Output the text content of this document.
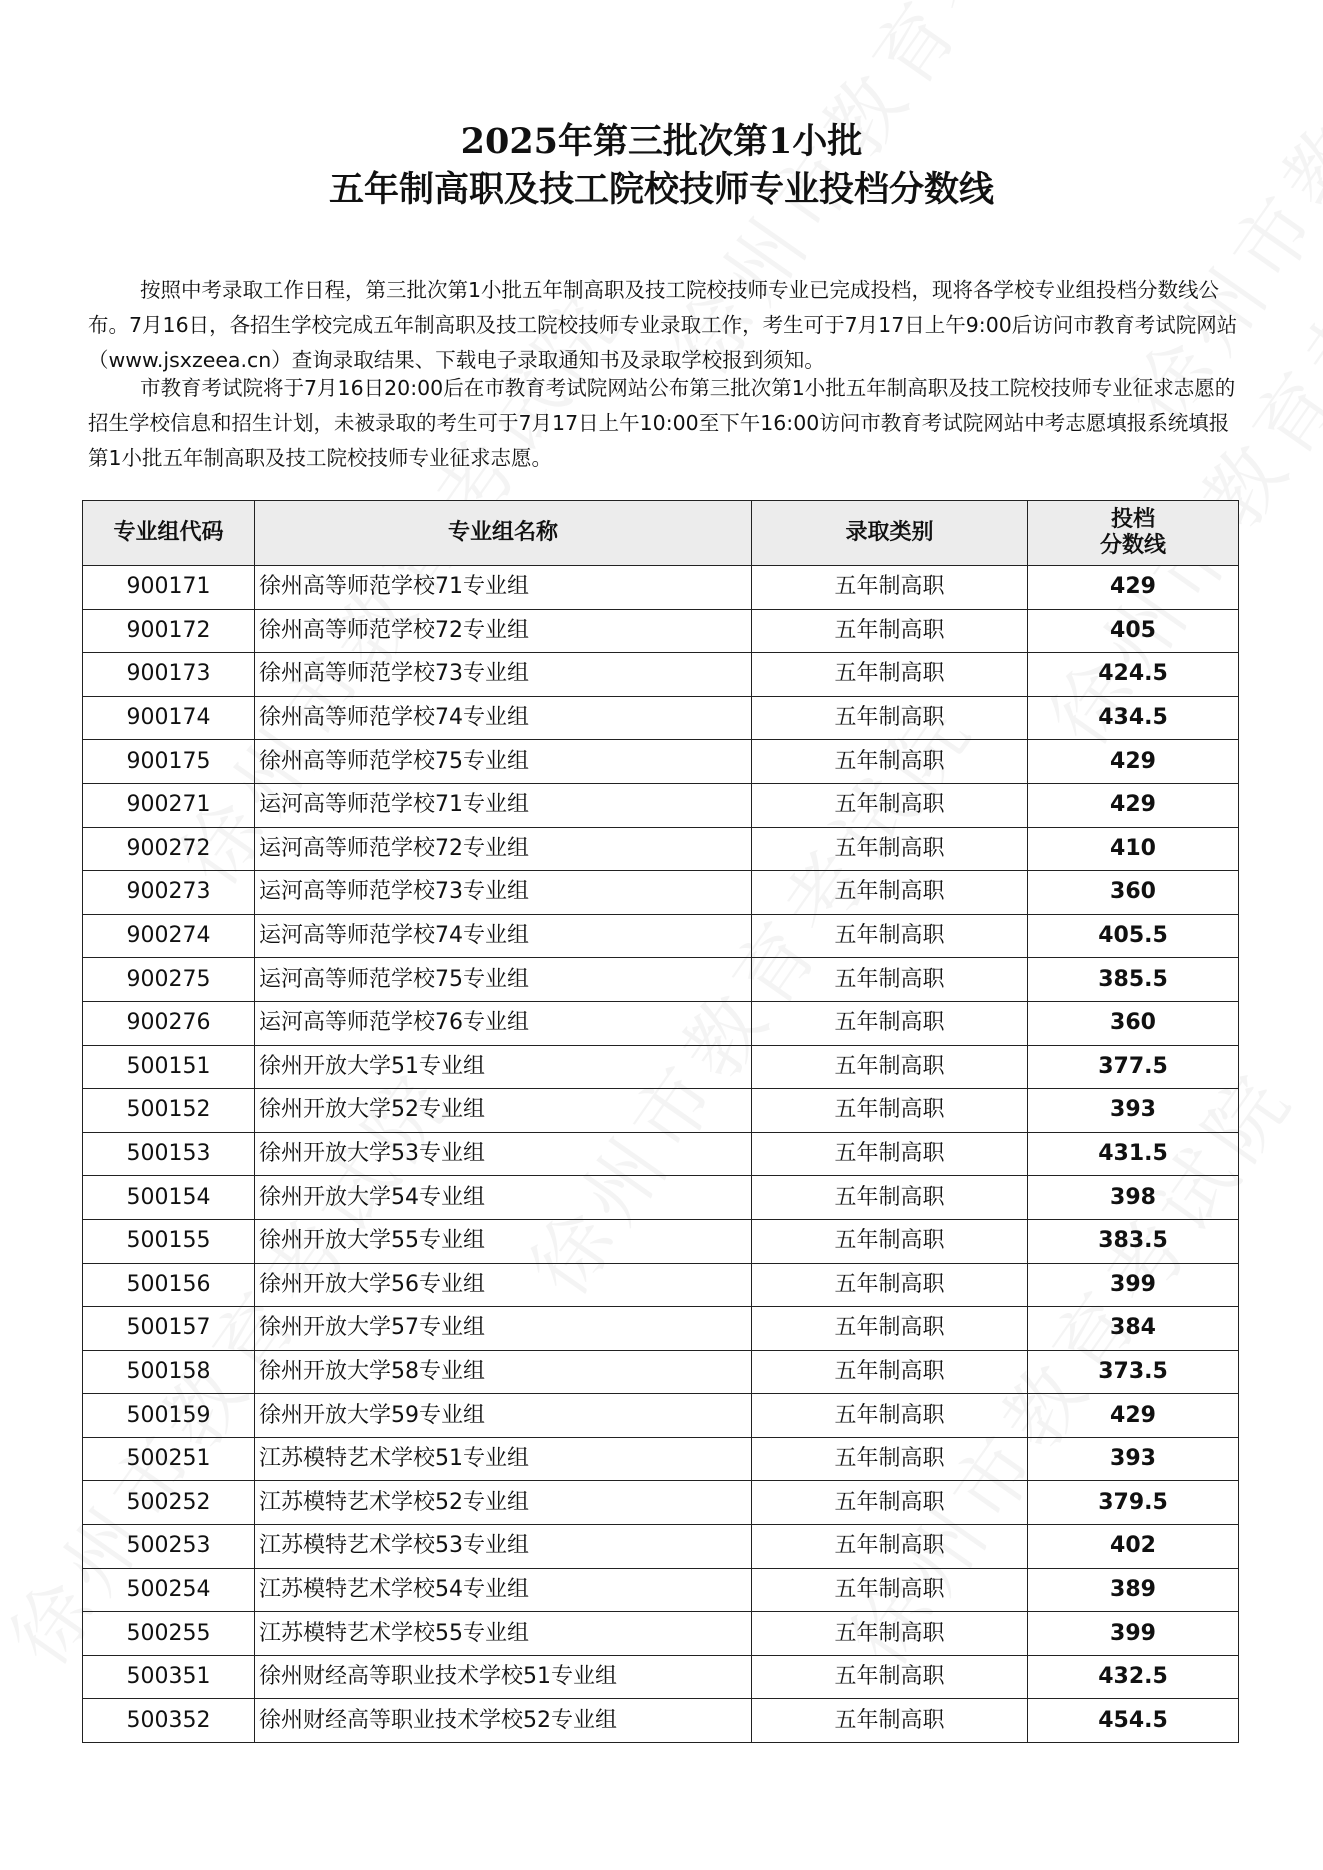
2025年第三批次第1小批
五年制高职及技工院校技师专业投档分数线

按照中考录取工作日程，第三批次第1小批五年制高职及技工院校技师专业已完成投档，现将各学校专业组投档分数线公布。7月16日，各招生学校完成五年制高职及技工院校技师专业录取工作，考生可于7月17日上午9:00后访问市教育考试院网站（www.jsxzeea.cn）查询录取结果、下载电子录取通知书及录取学校报到须知。

市教育考试院将于7月16日20:00后在市教育考试院网站公布第三批次第1小批五年制高职及技工院校技师专业征求志愿的招生学校信息和招生计划，未被录取的考生可于7月17日上午10:00至下午16:00访问市教育考试院网站中考志愿填报系统填报第1小批五年制高职及技工院校技师专业征求志愿。

专业组代码	专业组名称	录取类别	投档
分数线

900171	徐州高等师范学校71专业组	五年制高职	429
900172	徐州高等师范学校72专业组	五年制高职	405
900173	徐州高等师范学校73专业组	五年制高职	424.5
900174	徐州高等师范学校74专业组	五年制高职	434.5
900175	徐州高等师范学校75专业组	五年制高职	429
900271	运河高等师范学校71专业组	五年制高职	429
900272	运河高等师范学校72专业组	五年制高职	410
900273	运河高等师范学校73专业组	五年制高职	360
900274	运河高等师范学校74专业组	五年制高职	405.5
900275	运河高等师范学校75专业组	五年制高职	385.5
900276	运河高等师范学校76专业组	五年制高职	360
500151	徐州开放大学51专业组	五年制高职	377.5
500152	徐州开放大学52专业组	五年制高职	393
500153	徐州开放大学53专业组	五年制高职	431.5
500154	徐州开放大学54专业组	五年制高职	398
500155	徐州开放大学55专业组	五年制高职	383.5
500156	徐州开放大学56专业组	五年制高职	399
500157	徐州开放大学57专业组	五年制高职	384
500158	徐州开放大学58专业组	五年制高职	373.5
500159	徐州开放大学59专业组	五年制高职	429
500251	江苏模特艺术学校51专业组	五年制高职	393
500252	江苏模特艺术学校52专业组	五年制高职	379.5
500253	江苏模特艺术学校53专业组	五年制高职	402
500254	江苏模特艺术学校54专业组	五年制高职	389
500255	江苏模特艺术学校55专业组	五年制高职	399
500351	徐州财经高等职业技术学校51专业组	五年制高职	432.5
500352	徐州财经高等职业技术学校52专业组	五年制高职	454.5
